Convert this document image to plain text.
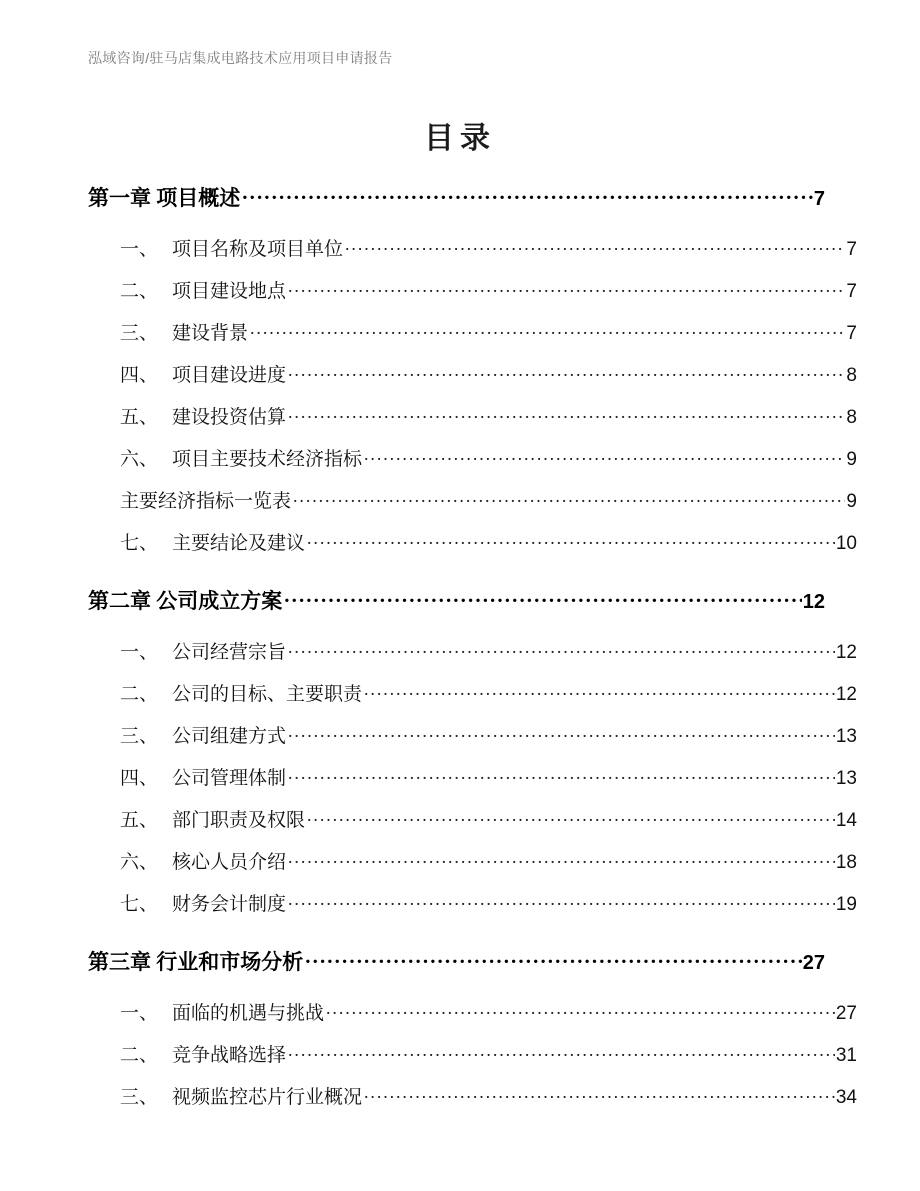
泓域咨询/驻马店集成电路技术应用项目申请报告
目录
第一章 项目概述 .....	7
一、 项目名称及项目单位 .....	7
二、 项目建设地点 .....	7
三、 建设背景 .....	7
四、 项目建设进度 .....	8
五、 建设投资估算 .....	8
六、 项目主要技术经济指标 .....	9
主要经济指标一览表 .....	9
七、 主要结论及建议 .....	10
第二章 公司成立方案 .....	12
一、 公司经营宗旨 .....	12
二、 公司的目标、主要职责 .....	12
三、 公司组建方式 .....	13
四、 公司管理体制 .....	13
五、 部门职责及权限 .....	14
六、 核心人员介绍 .....	18
七、 财务会计制度 .....	19
第三章 行业和市场分析 .....	27
一、 面临的机遇与挑战 .....	27
二、 竞争战略选择 .....	31
三、 视频监控芯片行业概况 .....	34
